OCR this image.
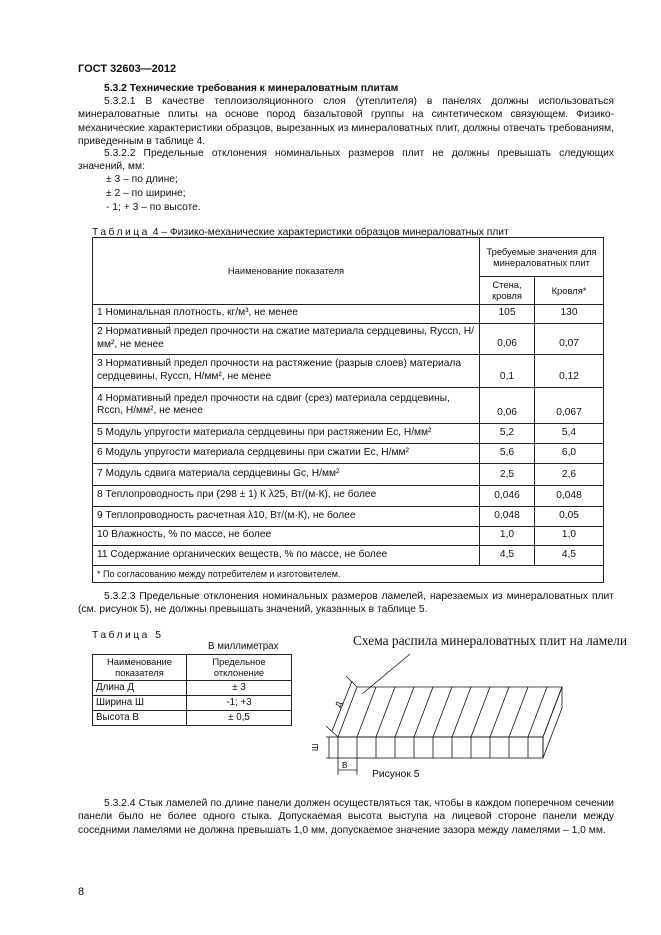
ГОСТ 32603—2012
5.3.2 Технические требования к минераловатным плитам
5.3.2.1 В качестве теплоизоляционного слоя (утеплителя) в панелях должны использоваться минераловатные плиты на основе пород базальтовой группы на синтетическом связующем. Физико-механические характеристики образцов, вырезанных из минераловатных плит, должны отвечать требованиям, приведенным в таблице 4.
5.3.2.2 Предельные отклонения номинальных размеров плит не должны превышать следующих значений, мм:
± 3 – по длине;
± 2 – по ширине;
- 1; + 3 – по высоте.
Таблица 4 – Физико-механические характеристики образцов минераловатных плит
Наименование показателя	Требуемые значения для минераловатных плит	
	Стена, кровля	Кровля*
1 Номинальная плотность, кг/м³, не менее	105	130
2 Нормативный предел прочности на сжатие материала сердцевины, Rуcсn, Н/мм², не менее	0,06	0,07
3 Нормативный предел прочности на растяжение (разрыв слоев) материала сердцевины, Rуcсn, Н/мм², не менее	0,1	0,12
4 Нормативный предел прочности на сдвиг (срез) материала сердцевины, Rccn, Н/мм², не менее	0,06	0,067
5 Модуль упругости материала сердцевины при растяжении Ec, Н/мм²	5,2	5,4
6 Модуль упругости материала сердцевины при сжатии Ec, Н/мм²	5,6	6,0
7 Модуль сдвига материала сердцевины Gc, Н/мм²	2,5	2,6
8 Теплопроводность при (298 ± 1) К λ25, Вт/(м·К), не более	0,046	0,048
9 Теплопроводность расчетная λ10, Вт/(м·К), не более	0,048	0,05
10 Влажность, % по массе, не более	1,0	1,0
11 Содержание органических веществ, % по массе, не более	4,5	4,5
* По согласованию между потребителем и изготовителем.		
5.3.2.3 Предельные отклонения номинальных размеров ламелей, нарезаемых из минераловатных плит (см. рисунок 5), не должны превышать значений, указанных в таблице 5.
Таблица 5
В миллиметрах
Наименование показателя	Предельное отклонение
Длина Д	± 3
Ширина Ш	-1; +3
Высота В	± 0,5
Схема распила минераловатных плит на ламели
Д
В
Ш
Рисунок 5
5.3.2.4 Стык ламелей по длине панели должен осуществляться так, чтобы в каждом поперечном сечении панели было не более одного стыка. Допускаемая высота выступа на лицевой стороне панели между соседними ламелями не должна превышать 1,0 мм, допускаемое значение зазора между ламелями – 1,0 мм.
8
